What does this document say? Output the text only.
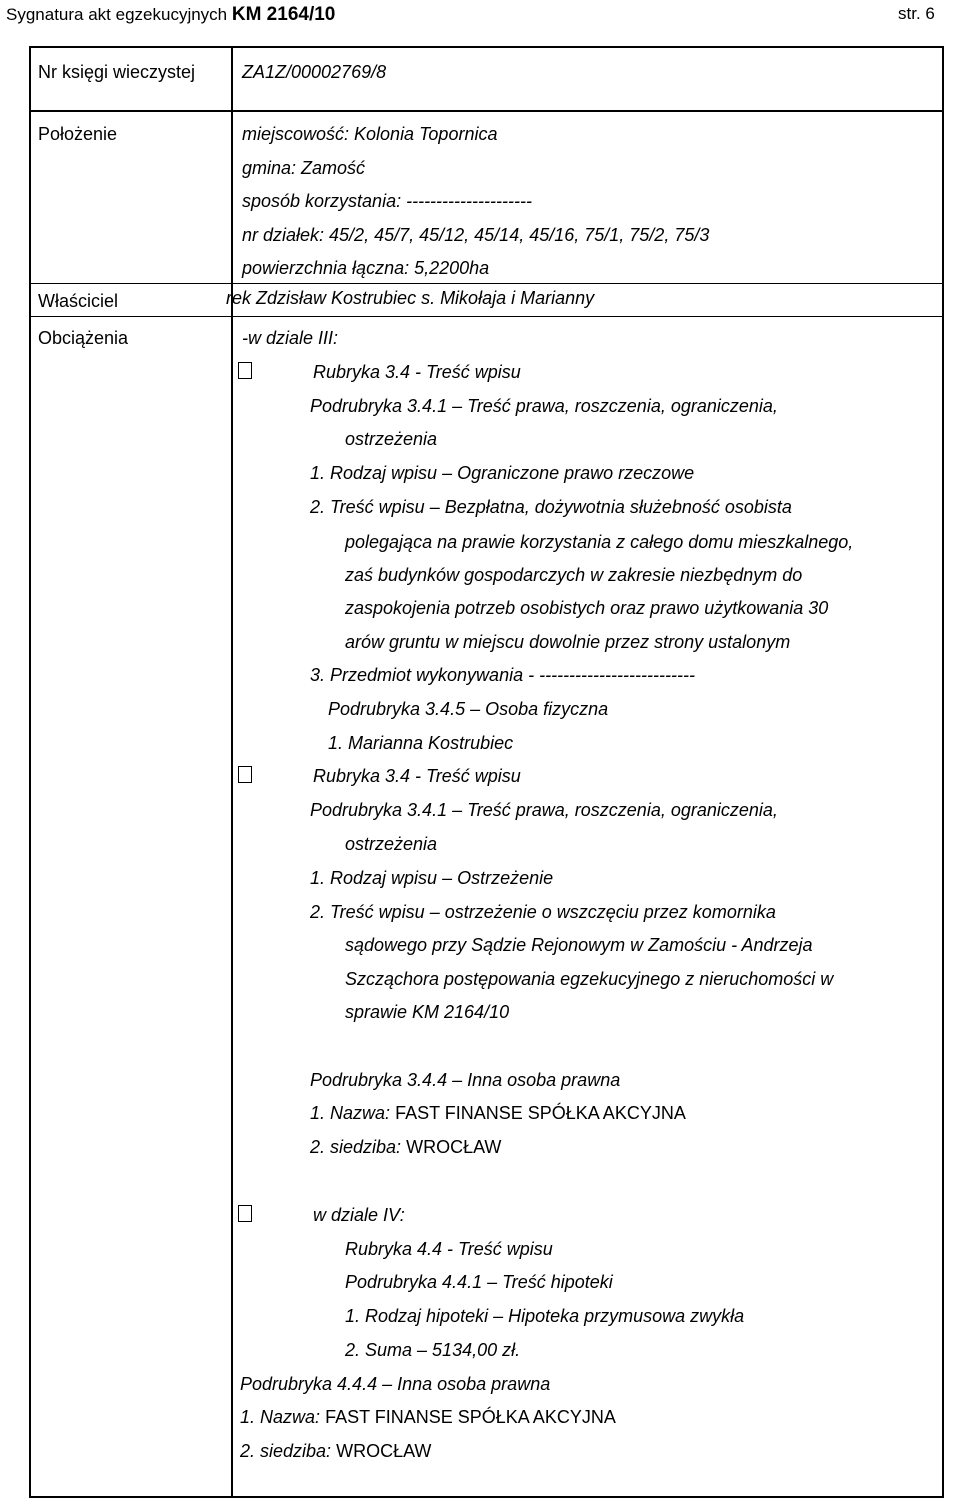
Sygnatura akt egzekucyjnych KM 2164/10	str. 6
Nr księgi wieczystej	ZA1Z/00002769/8
Położenie	miejscowość: Kolonia Topornica
gmina: Zamość
sposób korzystania: ---------------------
nr działek: 45/2, 45/7, 45/12, 45/14, 45/16, 75/1, 75/2, 75/3
powierzchnia łączna: 5,2200ha
Właściciel	rek Zdzisław Kostrubiec s. Mikołaja i Marianny
Obciążenia	-w dziale III:
Rubryka 3.4 - Treść wpisu
Podrubryka 3.4.1 – Treść prawa, roszczenia, ograniczenia,
ostrzeżenia
1. Rodzaj wpisu – Ograniczone prawo rzeczowe
2. Treść wpisu – Bezpłatna, dożywotnia służebność osobista
polegająca na prawie korzystania z całego domu mieszkalnego,
zaś budynków gospodarczych w zakresie niezbędnym do
zaspokojenia potrzeb osobistych oraz prawo użytkowania 30
arów gruntu w miejscu dowolnie przez strony ustalonym
3. Przedmiot wykonywania - --------------------------
Podrubryka 3.4.5 – Osoba fizyczna
1. Marianna Kostrubiec
Rubryka 3.4 - Treść wpisu
Podrubryka 3.4.1 – Treść prawa, roszczenia, ograniczenia,
ostrzeżenia
1. Rodzaj wpisu – Ostrzeżenie
2. Treść wpisu – ostrzeżenie o wszczęciu przez komornika
sądowego przy Sądzie Rejonowym w Zamościu - Andrzeja
Szcząchora postępowania egzekucyjnego z nieruchomości w
sprawie KM 2164/10
Podrubryka 3.4.4 – Inna osoba prawna
1. Nazwa: FAST FINANSE SPÓŁKA AKCYJNA
2. siedziba: WROCŁAW
w dziale IV:
Rubryka 4.4 - Treść wpisu
Podrubryka 4.4.1 – Treść hipoteki
1. Rodzaj hipoteki – Hipoteka przymusowa zwykła
2. Suma – 5134,00 zł.
Podrubryka 4.4.4 – Inna osoba prawna
1. Nazwa: FAST FINANSE SPÓŁKA AKCYJNA
2. siedziba: WROCŁAW
